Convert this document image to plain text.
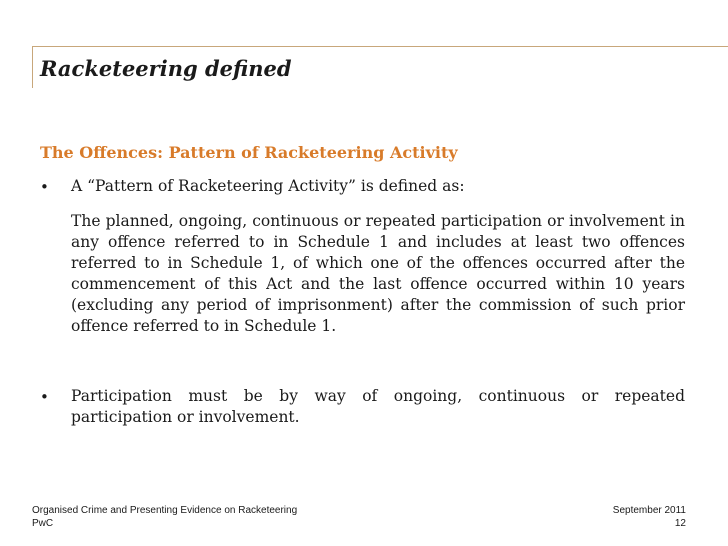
Racketeering defined
The Offences: Pattern of Racketeering Activity
• A “Pattern of Racketeering Activity” is defined as:

The planned, ongoing, continuous or repeated participation or involvement in any offence referred to in Schedule 1 and includes at least two offences referred to in Schedule 1, of which one of the offences occurred after the commencement of this Act and the last offence occurred within 10 years (excluding any period of imprisonment) after the commission of such prior offence referred to in Schedule 1.

• Participation must be by way of ongoing, continuous or repeated participation or involvement.

Organised Crime and Presenting Evidence on Racketeering
PwC
September 2011
12
